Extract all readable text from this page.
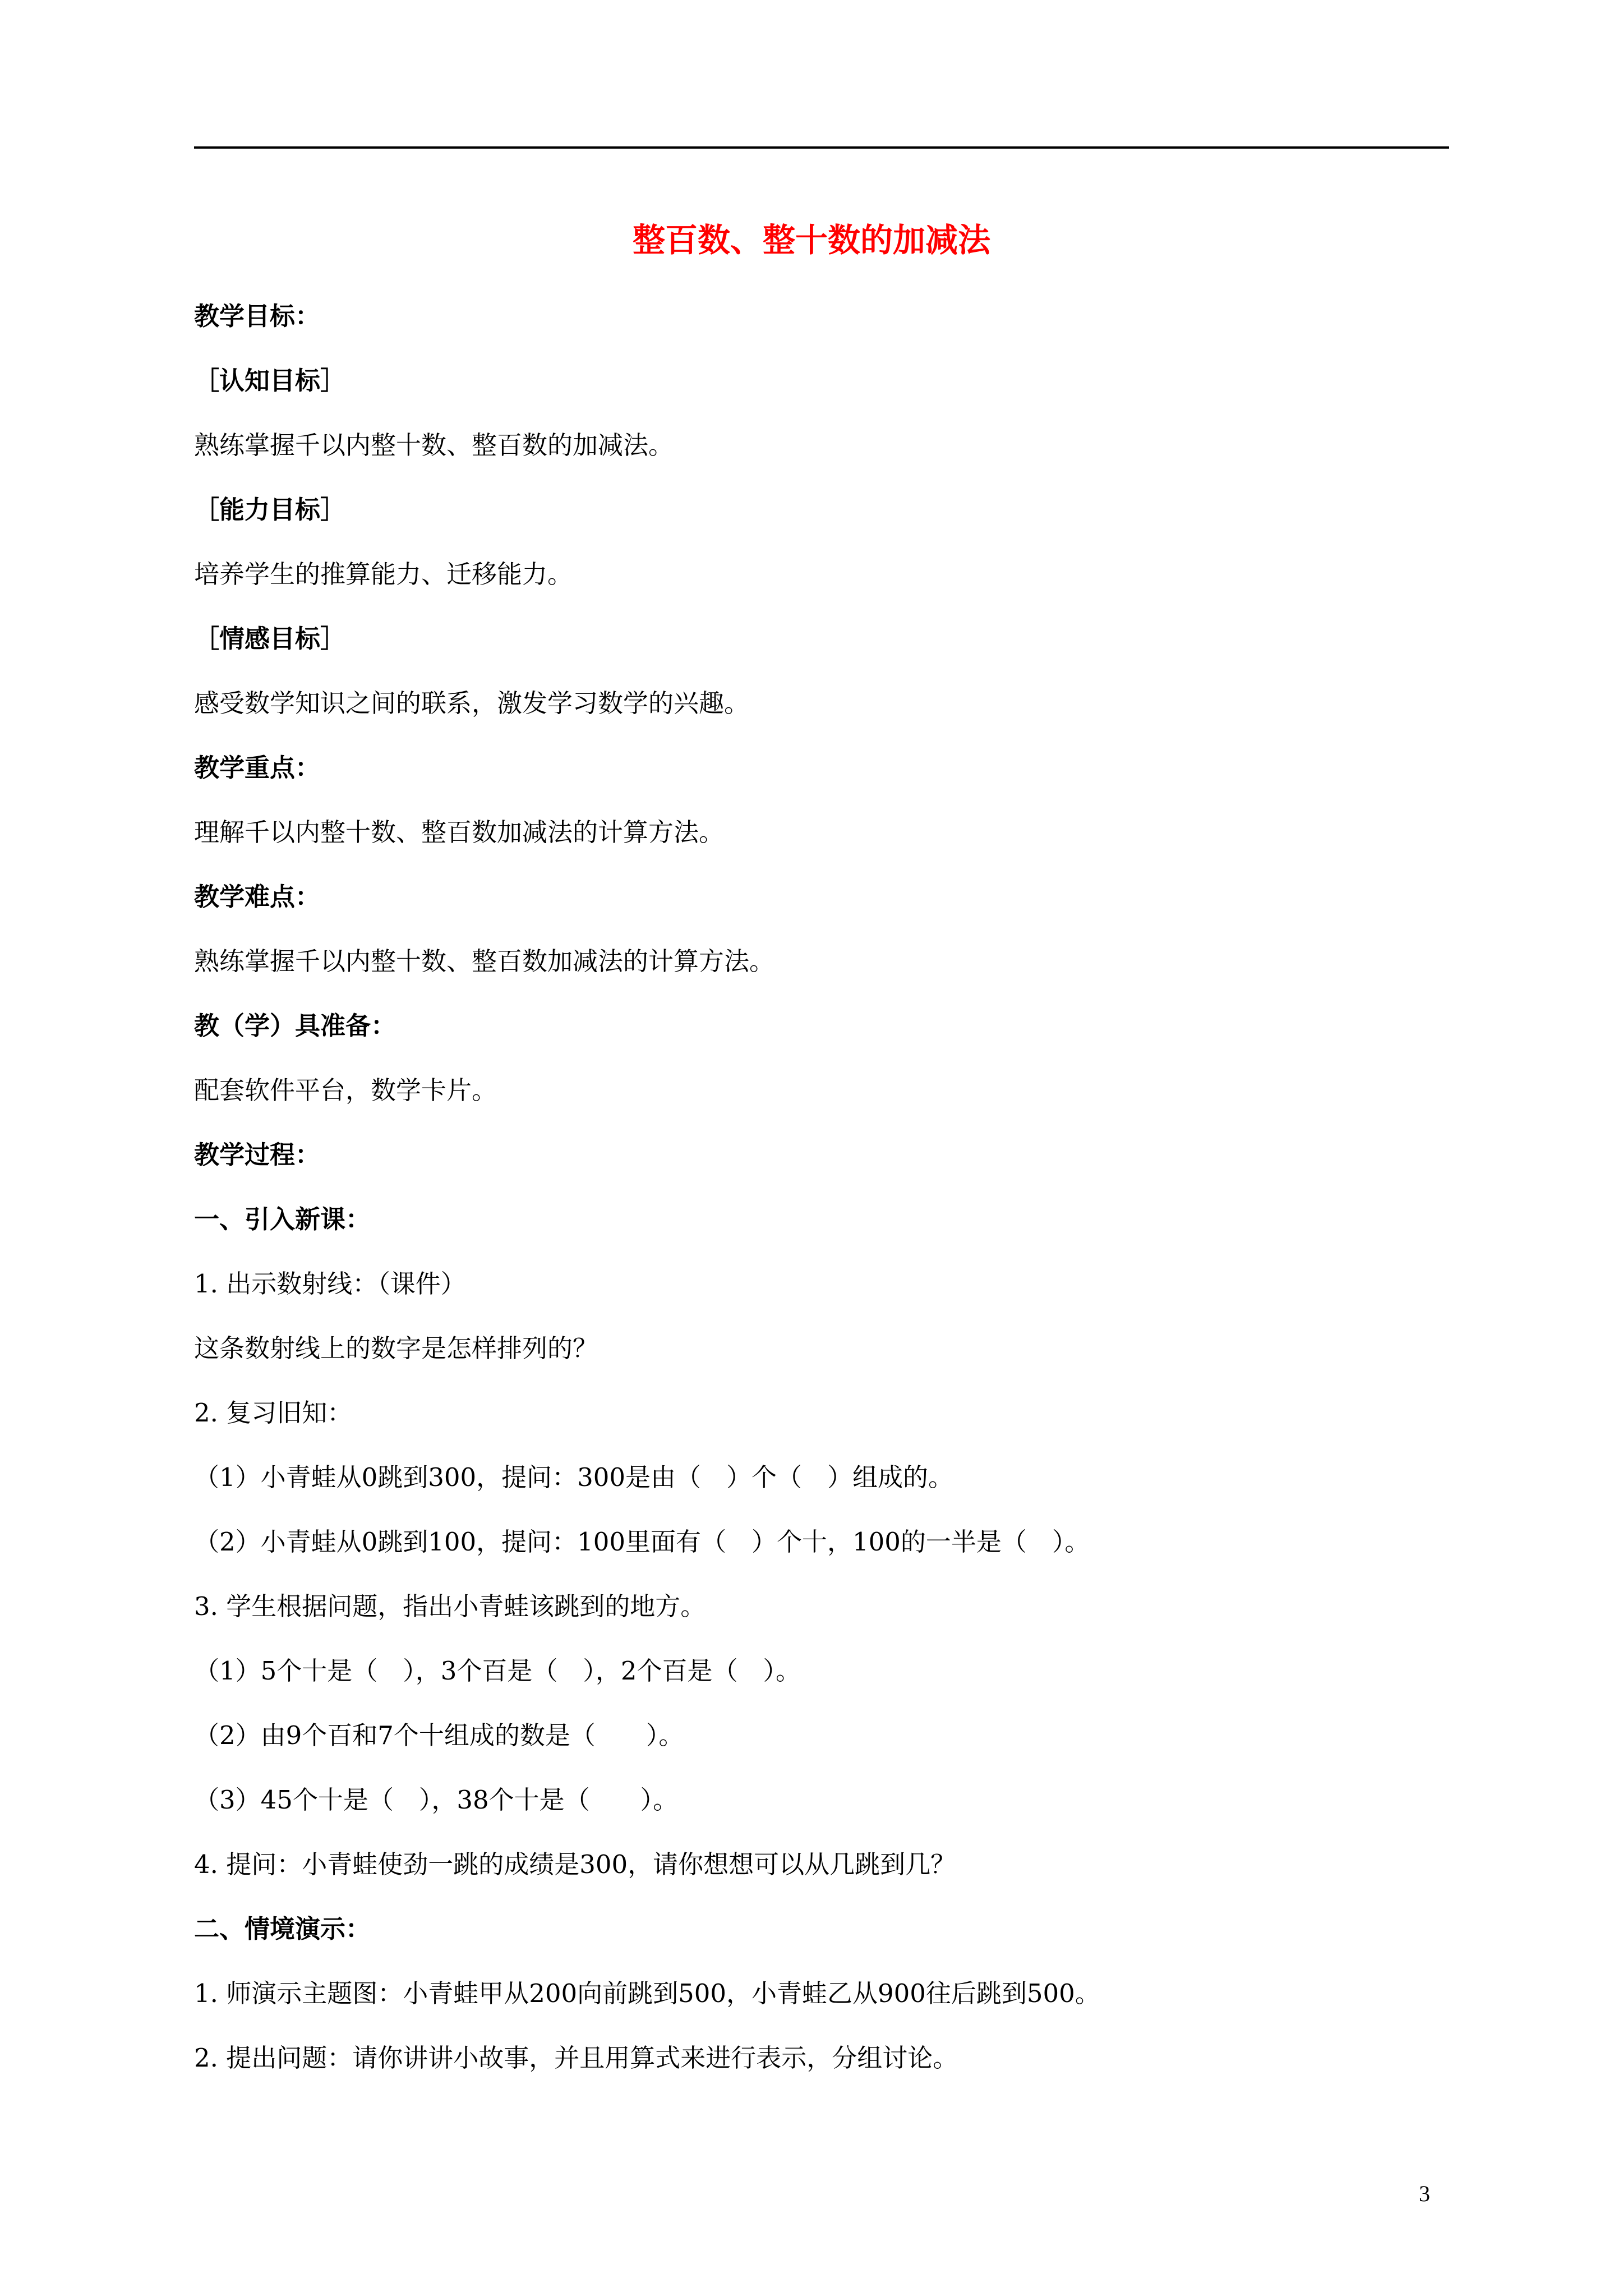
整百数、整十数的加减法
教学目标：
［认知目标］
熟练掌握千以内整十数、整百数的加减法。
［能力目标］
培养学生的推算能力、迁移能力。
［情感目标］
感受数学知识之间的联系，激发学习数学的兴趣。
教学重点：
理解千以内整十数、整百数加减法的计算方法。
教学难点：
熟练掌握千以内整十数、整百数加减法的计算方法。
教（学）具准备：
配套软件平台，数学卡片。
教学过程：
一、引入新课：
1. 出示数射线：（课件）
这条数射线上的数字是怎样排列的？
2. 复习旧知：
（1）小青蛙从0跳到300，提问：300是由（　）个（　）组成的。
（2）小青蛙从0跳到100，提问：100里面有（　）个十，100的一半是（　）。
3. 学生根据问题，指出小青蛙该跳到的地方。
（1）5个十是（　），3个百是（　），2个百是（　）。
（2）由9个百和7个十组成的数是（　　）。
（3）45个十是（　），38个十是（　　）。
4. 提问：小青蛙使劲一跳的成绩是300，请你想想可以从几跳到几？
二、情境演示：
1. 师演示主题图：小青蛙甲从200向前跳到500，小青蛙乙从900往后跳到500。
2. 提出问题：请你讲讲小故事，并且用算式来进行表示，分组讨论。
3
